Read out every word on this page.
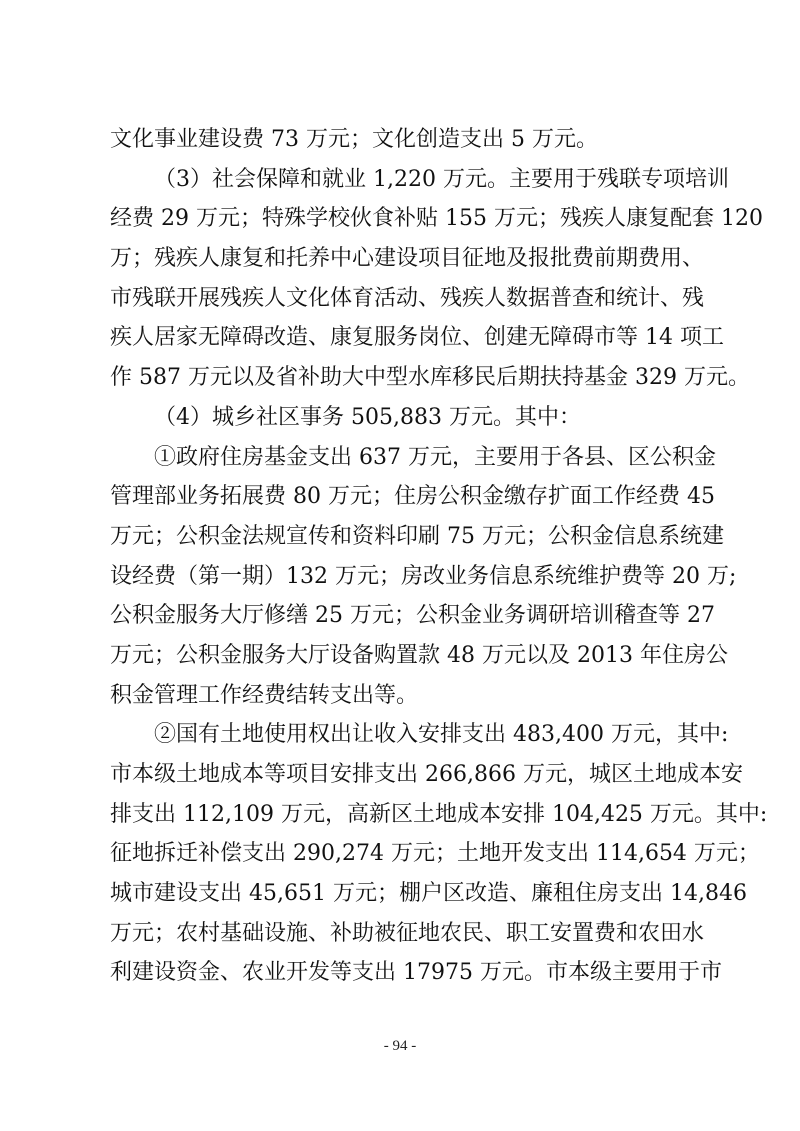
文化事业建设费 73 万元；文化创造支出 5 万元。
（3）社会保障和就业 1,220 万元。主要用于残联专项培训
经费 29 万元；特殊学校伙食补贴 155 万元；残疾人康复配套 120
万；残疾人康复和托养中心建设项目征地及报批费前期费用、
市残联开展残疾人文化体育活动、残疾人数据普查和统计、残
疾人居家无障碍改造、康复服务岗位、创建无障碍市等 14 项工
作 587 万元以及省补助大中型水库移民后期扶持基金 329 万元。
（4）城乡社区事务 505,883 万元。其中：
①政府住房基金支出 637 万元，主要用于各县、区公积金
管理部业务拓展费 80 万元；住房公积金缴存扩面工作经费 45
万元；公积金法规宣传和资料印刷 75 万元；公积金信息系统建
设经费（第一期）132 万元；房改业务信息系统维护费等 20 万;
公积金服务大厅修缮 25 万元；公积金业务调研培训稽查等 27
万元；公积金服务大厅设备购置款 48 万元以及 2013 年住房公
积金管理工作经费结转支出等。
②国有土地使用权出让收入安排支出 483,400 万元，其中:
市本级土地成本等项目安排支出 266,866 万元，城区土地成本安
排支出 112,109 万元，高新区土地成本安排 104,425 万元。其中:
征地拆迁补偿支出 290,274 万元；土地开发支出 114,654 万元；
城市建设支出 45,651 万元；棚户区改造、廉租住房支出 14,846
万元；农村基础设施、补助被征地农民、职工安置费和农田水
利建设资金、农业开发等支出 17975 万元。市本级主要用于市
- 94 -
